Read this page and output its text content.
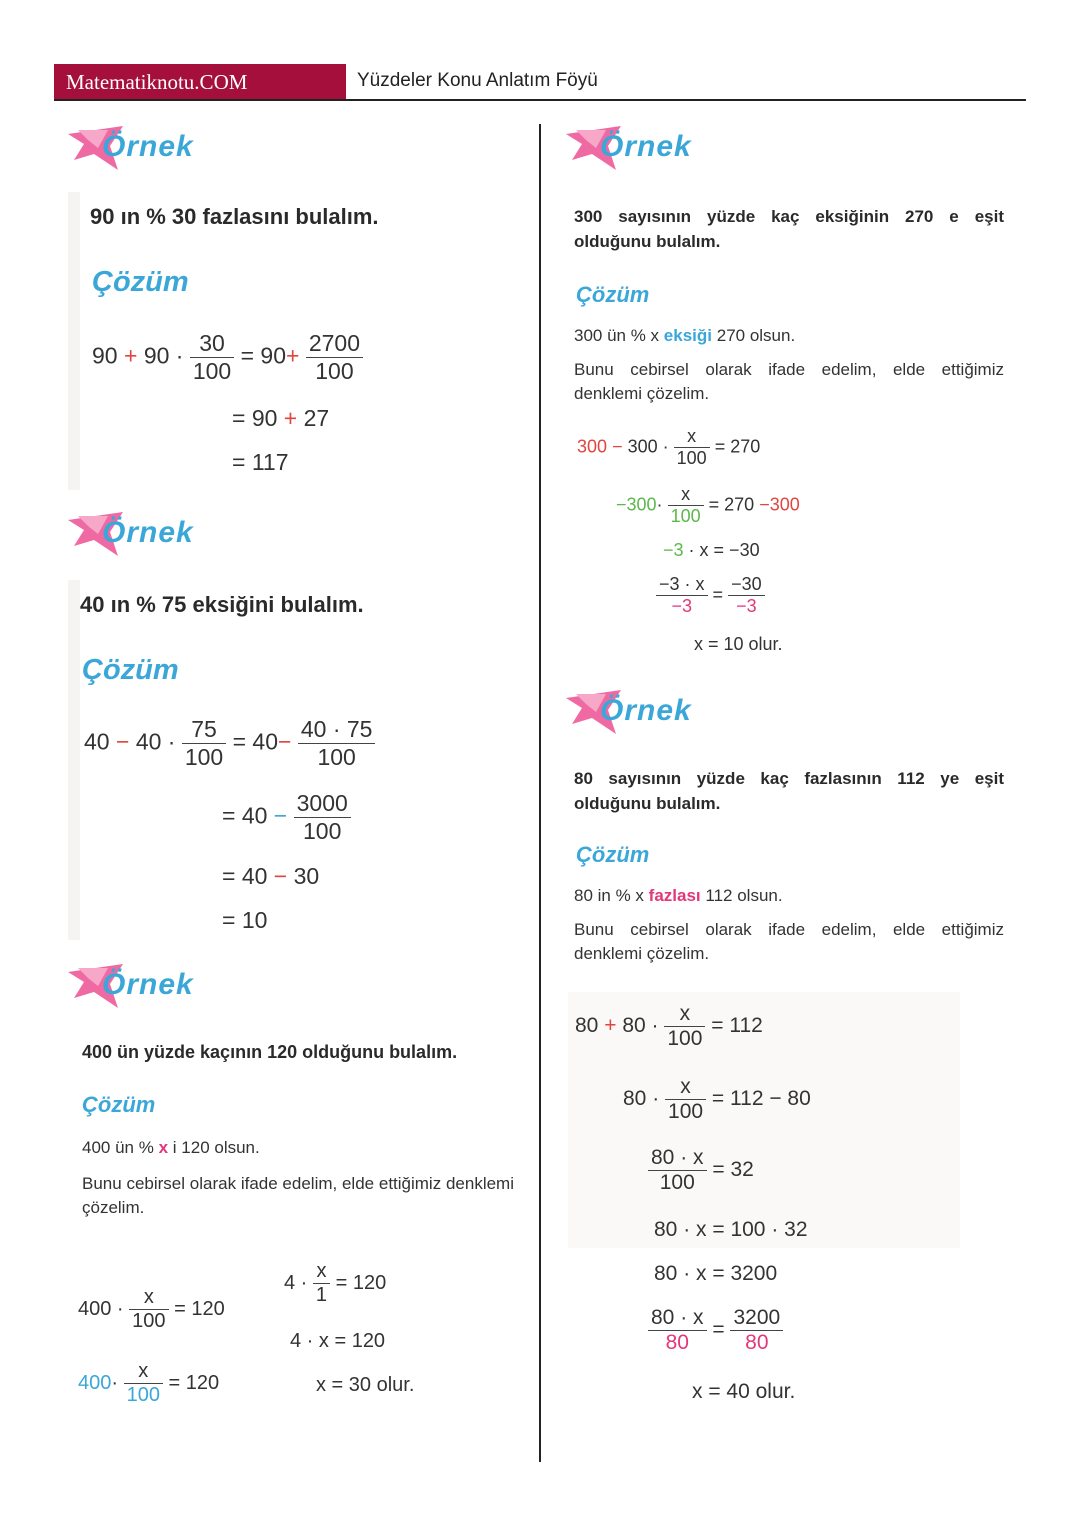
Matematiknotu.COM	Yüzdeler Konu Anlatım Föyü
Örnek
90 ın % 30 fazlasını bulalım.
Çözüm
$90 + 90 \cdot \frac{30}{100} = 90+ \frac{2700}{100}$
= 90 + 27
= 117
Örnek
40 ın % 75 eksiğini bulalım.
Çözüm
$40 - 40 \cdot \frac{75}{100} = 40- \frac{40 \cdot 75}{100}$
= $40 - \frac{3000}{100}$
= 40 − 30
= 10
Örnek
400 ün yüzde kaçının 120 olduğunu bulalım.
Çözüm
400 ün % x i 120 olsun.
Bunu cebirsel olarak ifade edelim, elde ettiğimiz denklemi çözelim.
$400 \cdot \frac{x}{100} = 120$
$400\cdot \frac{x}{100} = 120$
$4 \cdot \frac{x}{1} = 120$
4 · x = 120
x = 30 olur.
Örnek
300 sayısının yüzde kaç eksiğinin 270 e eşit olduğunu bulalım.
Çözüm
300 ün % x eksiği 270 olsun.
Bunu cebirsel olarak ifade edelim, elde ettiğimiz denklemi çözelim.
$300 - 300 \cdot \frac{x}{100} = 270$
$-300\cdot \frac{x}{100} = 270 -300$
−3 · x = −30
$\frac{-3 \cdot x}{-3} = \frac{-30}{-3}$
x = 10 olur.
Örnek
80 sayısının yüzde kaç fazlasının 112 ye eşit olduğunu bulalım.
Çözüm
80 in % x fazlası 112 olsun.
Bunu cebirsel olarak ifade edelim, elde ettiğimiz denklemi çözelim.
$80 + 80 \cdot \frac{x}{100} = 112$
$80 \cdot \frac{x}{100} = 112 - 80$
$\frac{80 \cdot x}{100} = 32$
80 · x = 100 · 32
80 · x = 3200
$\frac{80 \cdot x}{80} = \frac{3200}{80}$
x = 40 olur.
